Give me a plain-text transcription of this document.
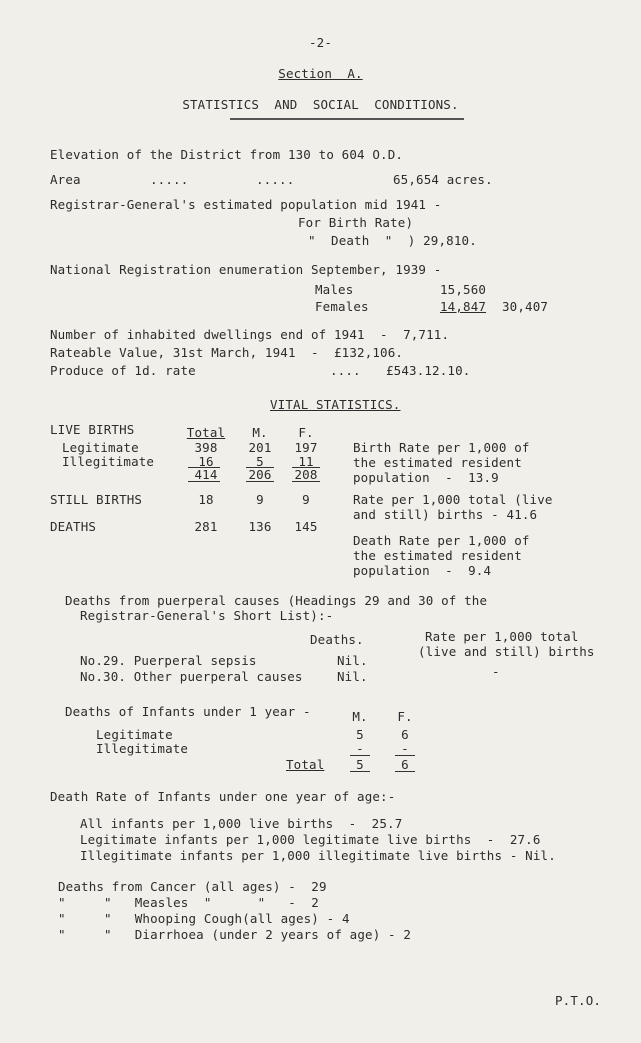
-2-
Section  A.
STATISTICS  AND  SOCIAL  CONDITIONS.
Elevation of the District from 130 to 604 O.D.
Area	.....	.....	65,654 acres.
Registrar-General's estimated population mid 1941 -
For Birth Rate)
"  Death  "  ) 29,810.
National Registration enumeration September, 1939 -
Males	15,560
Females	14,847 30,407
Number of inhabited dwellings end of 1941  -  7,711.
Rateable Value, 31st March, 1941  -  £132,106.
Produce of 1d. rate	.... £543.12.10.
VITAL STATISTICS.
LIVE BIRTHS	Total	M.	F.
Legitimate	398	201	197
Illegitimate	16	5	11
414	206	208
Birth Rate per 1,000 of
the estimated resident
population  -  13.9
STILL BIRTHS	18	9	9	Rate per 1,000 total (live
and still) births - 41.6
DEATHS	281	136	145
Death Rate per 1,000 of
the estimated resident
population  -  9.4
Deaths from puerperal causes (Headings 29 and 30 of the
Registrar-General's Short List):-
Deaths.	Rate per 1,000 total
(live and still) births
No.29. Puerperal sepsis	Nil.
No.30. Other puerperal causes	Nil.	-
Deaths of Infants under 1 year -	M.	F.
Legitimate	5	6
Illegitimate	-	-
Total	5	6
Death Rate of Infants under one year of age:-
All infants per 1,000 live births  -  25.7
Legitimate infants per 1,000 legitimate live births  -  27.6
Illegitimate infants per 1,000 illegitimate live births - Nil.
Deaths from Cancer (all ages) -  29
"     "   Measles  "      "   -  2
"     "   Whooping Cough(all ages) - 4
"     "   Diarrhoea (under 2 years of age) - 2
P.T.O.
